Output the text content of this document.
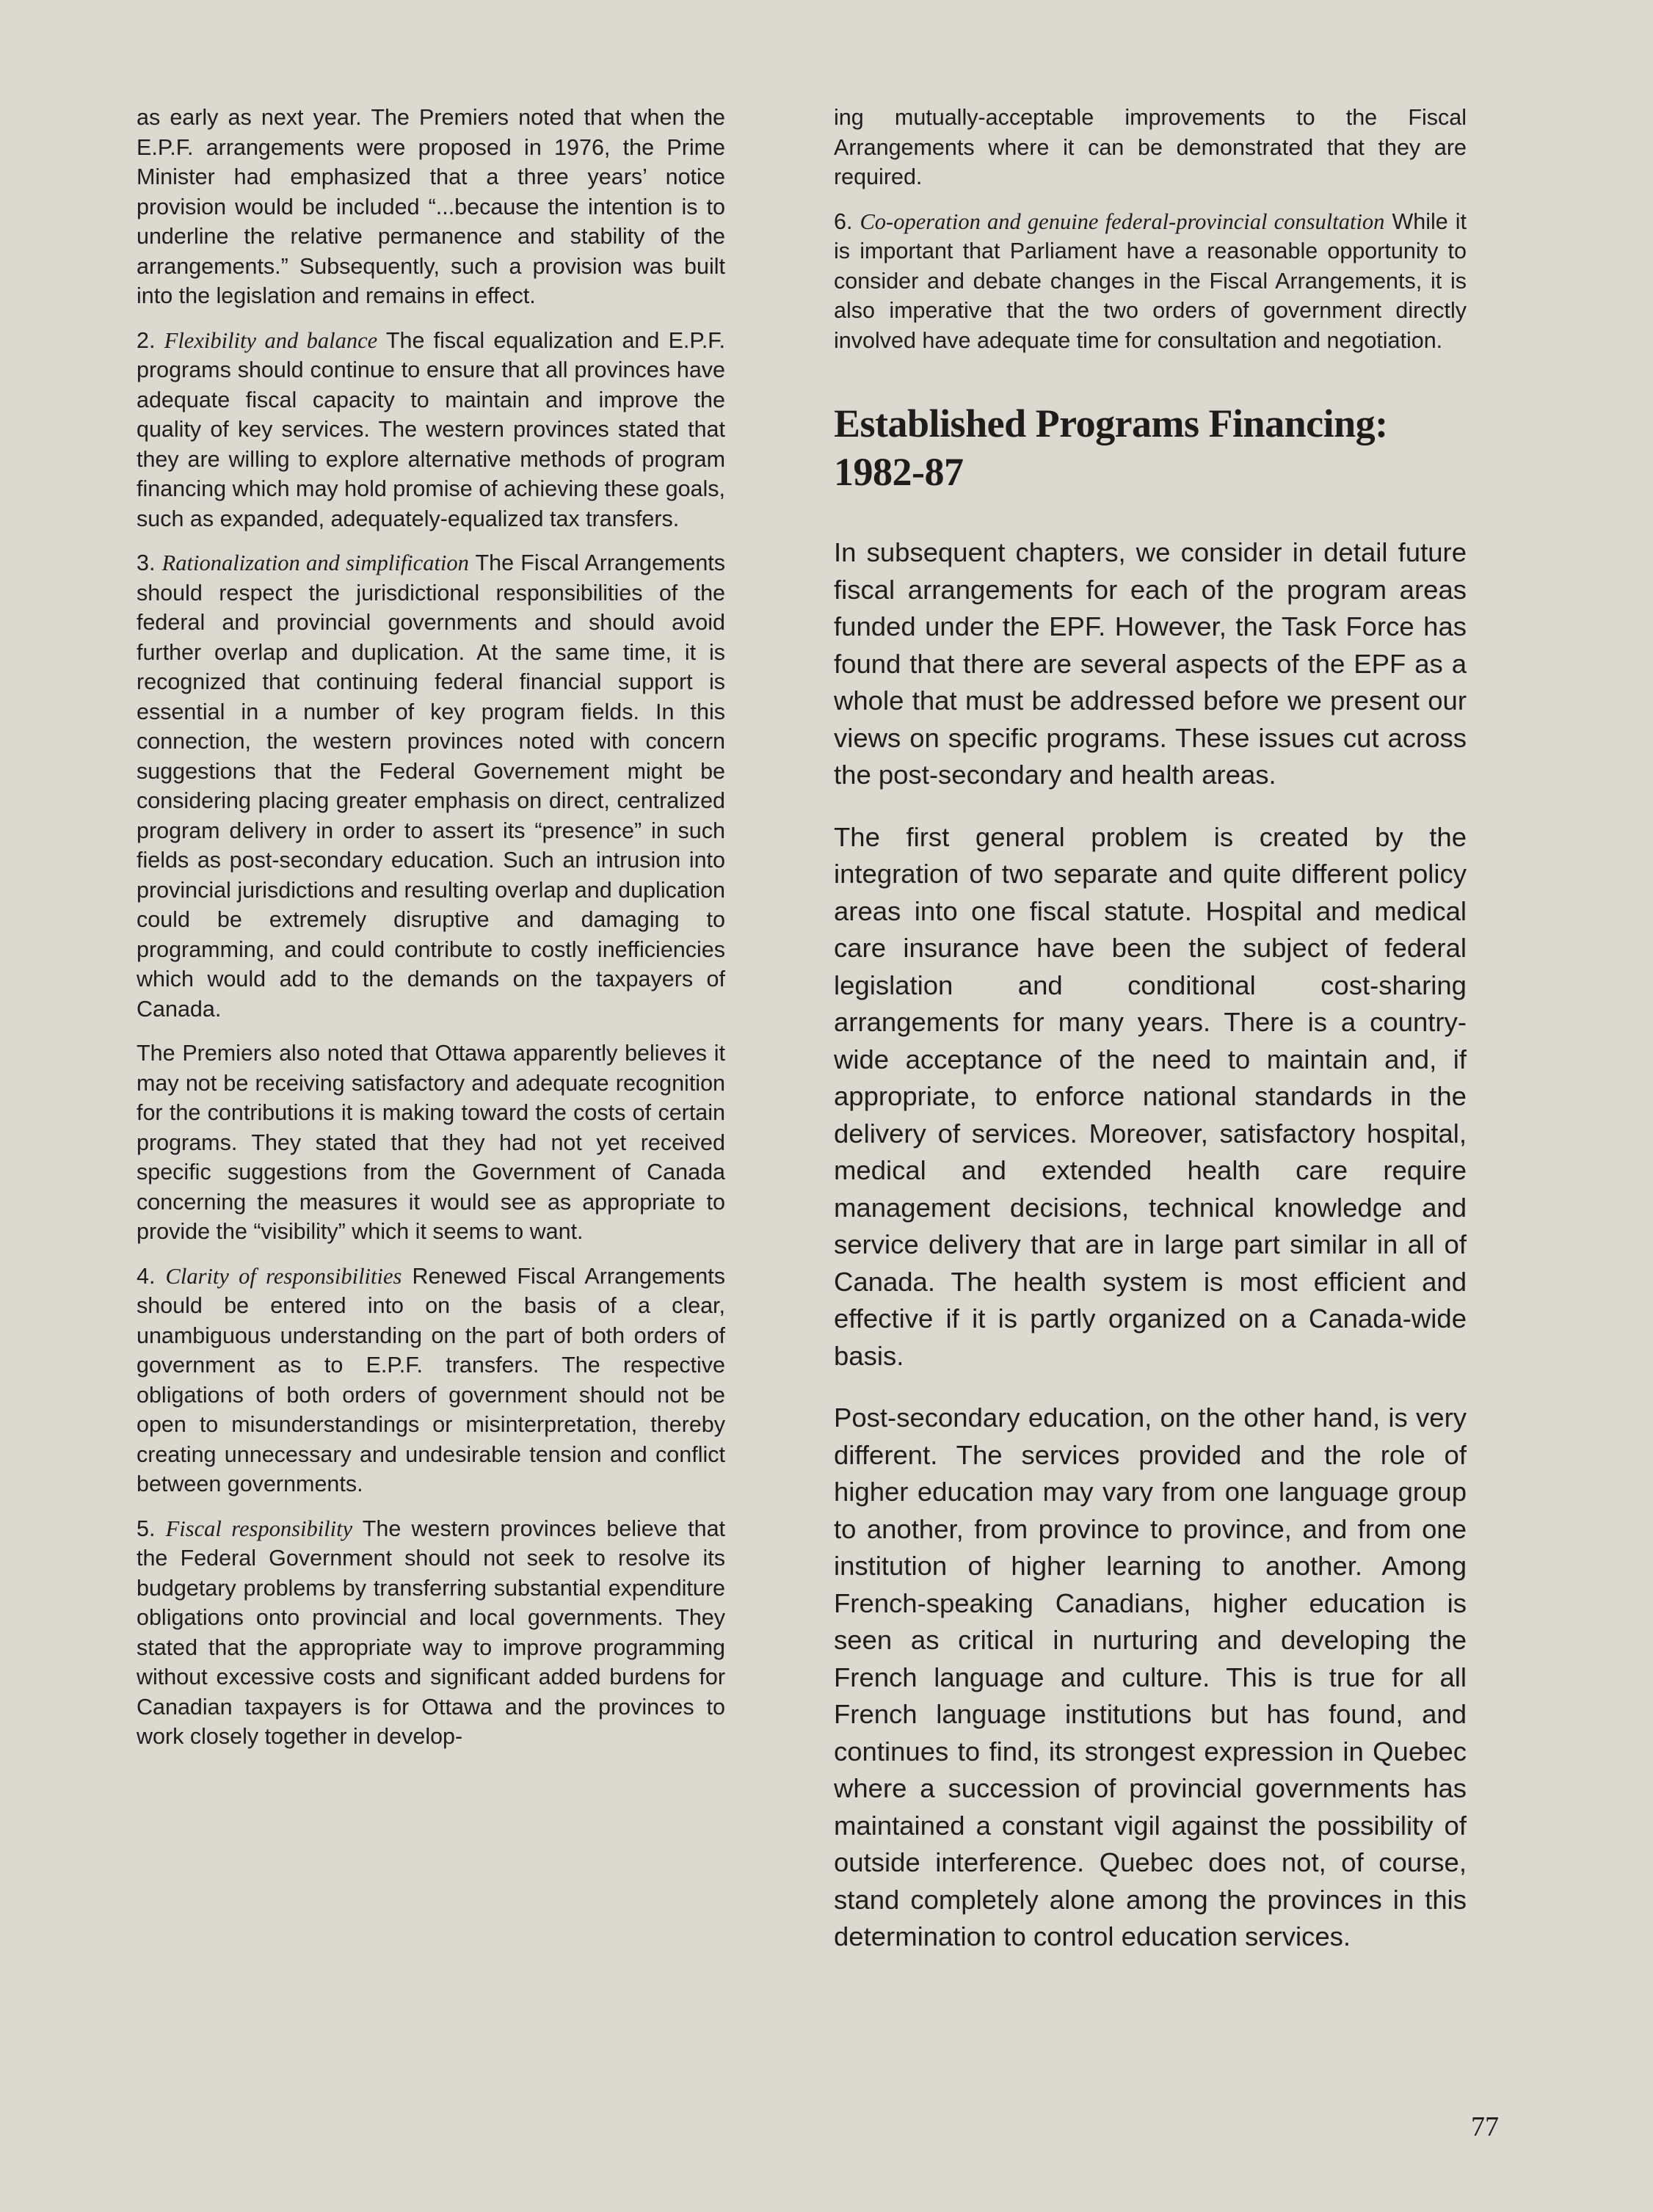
as early as next year. The Premiers noted that when the E.P.F. arrangements were proposed in 1976, the Prime Minister had emphasized that a three years’ notice provision would be included “...because the intention is to underline the relative permanence and stability of the arrangements.” Subsequently, such a provision was built into the legislation and remains in effect.

2. Flexibility and balance The fiscal equalization and E.P.F. programs should continue to ensure that all provinces have adequate fiscal capacity to maintain and improve the quality of key services. The western provinces stated that they are willing to explore alternative methods of program financing which may hold promise of achieving these goals, such as expanded, adequately-equalized tax transfers.

3. Rationalization and simplification The Fiscal Arrangements should respect the jurisdictional responsibilities of the federal and provincial governments and should avoid further overlap and duplication. At the same time, it is recognized that continuing federal financial support is essential in a number of key program fields. In this connection, the western provinces noted with concern suggestions that the Federal Governement might be considering placing greater emphasis on direct, centralized program delivery in order to assert its “presence” in such fields as post-secondary education. Such an intrusion into provincial jurisdictions and resulting overlap and duplication could be extremely disruptive and damaging to programming, and could contribute to costly inefficiencies which would add to the demands on the taxpayers of Canada.

The Premiers also noted that Ottawa apparently believes it may not be receiving satisfactory and adequate recognition for the contributions it is making toward the costs of certain programs. They stated that they had not yet received specific suggestions from the Government of Canada concerning the measures it would see as appropriate to provide the “visibility” which it seems to want.

4. Clarity of responsibilities Renewed Fiscal Arrangements should be entered into on the basis of a clear, unambiguous understanding on the part of both orders of government as to E.P.F. transfers. The respective obligations of both orders of government should not be open to misunderstandings or misinterpretation, thereby creating unnecessary and undesirable tension and conflict between governments.

5. Fiscal responsibility The western provinces believe that the Federal Government should not seek to resolve its budgetary problems by transferring substantial expenditure obligations onto provincial and local governments. They stated that the appropriate way to improve programming without excessive costs and significant added burdens for Canadian taxpayers is for Ottawa and the provinces to work closely together in develop-

ing mutually-acceptable improvements to the Fiscal Arrangements where it can be demonstrated that they are required.

6. Co-operation and genuine federal-provincial consultation While it is important that Parliament have a reasonable opportunity to consider and debate changes in the Fiscal Arrangements, it is also imperative that the two orders of government directly involved have adequate time for consultation and negotiation.

Established Programs Financing: 1982-87

In subsequent chapters, we consider in detail future fiscal arrangements for each of the program areas funded under the EPF. However, the Task Force has found that there are several aspects of the EPF as a whole that must be addressed before we present our views on specific programs. These issues cut across the post-secondary and health areas.

The first general problem is created by the integration of two separate and quite different policy areas into one fiscal statute. Hospital and medical care insurance have been the subject of federal legislation and conditional cost-sharing arrangements for many years. There is a country-wide acceptance of the need to maintain and, if appropriate, to enforce national standards in the delivery of services. Moreover, satisfactory hospital, medical and extended health care require management decisions, technical knowledge and service delivery that are in large part similar in all of Canada. The health system is most efficient and effective if it is partly organized on a Canada-wide basis.

Post-secondary education, on the other hand, is very different. The services provided and the role of higher education may vary from one language group to another, from province to province, and from one institution of higher learning to another. Among French-speaking Canadians, higher education is seen as critical in nurturing and developing the French language and culture. This is true for all French language institutions but has found, and continues to find, its strongest expression in Quebec where a succession of provincial governments has maintained a constant vigil against the possibility of outside interference. Quebec does not, of course, stand completely alone among the provinces in this determination to control education services.

77
